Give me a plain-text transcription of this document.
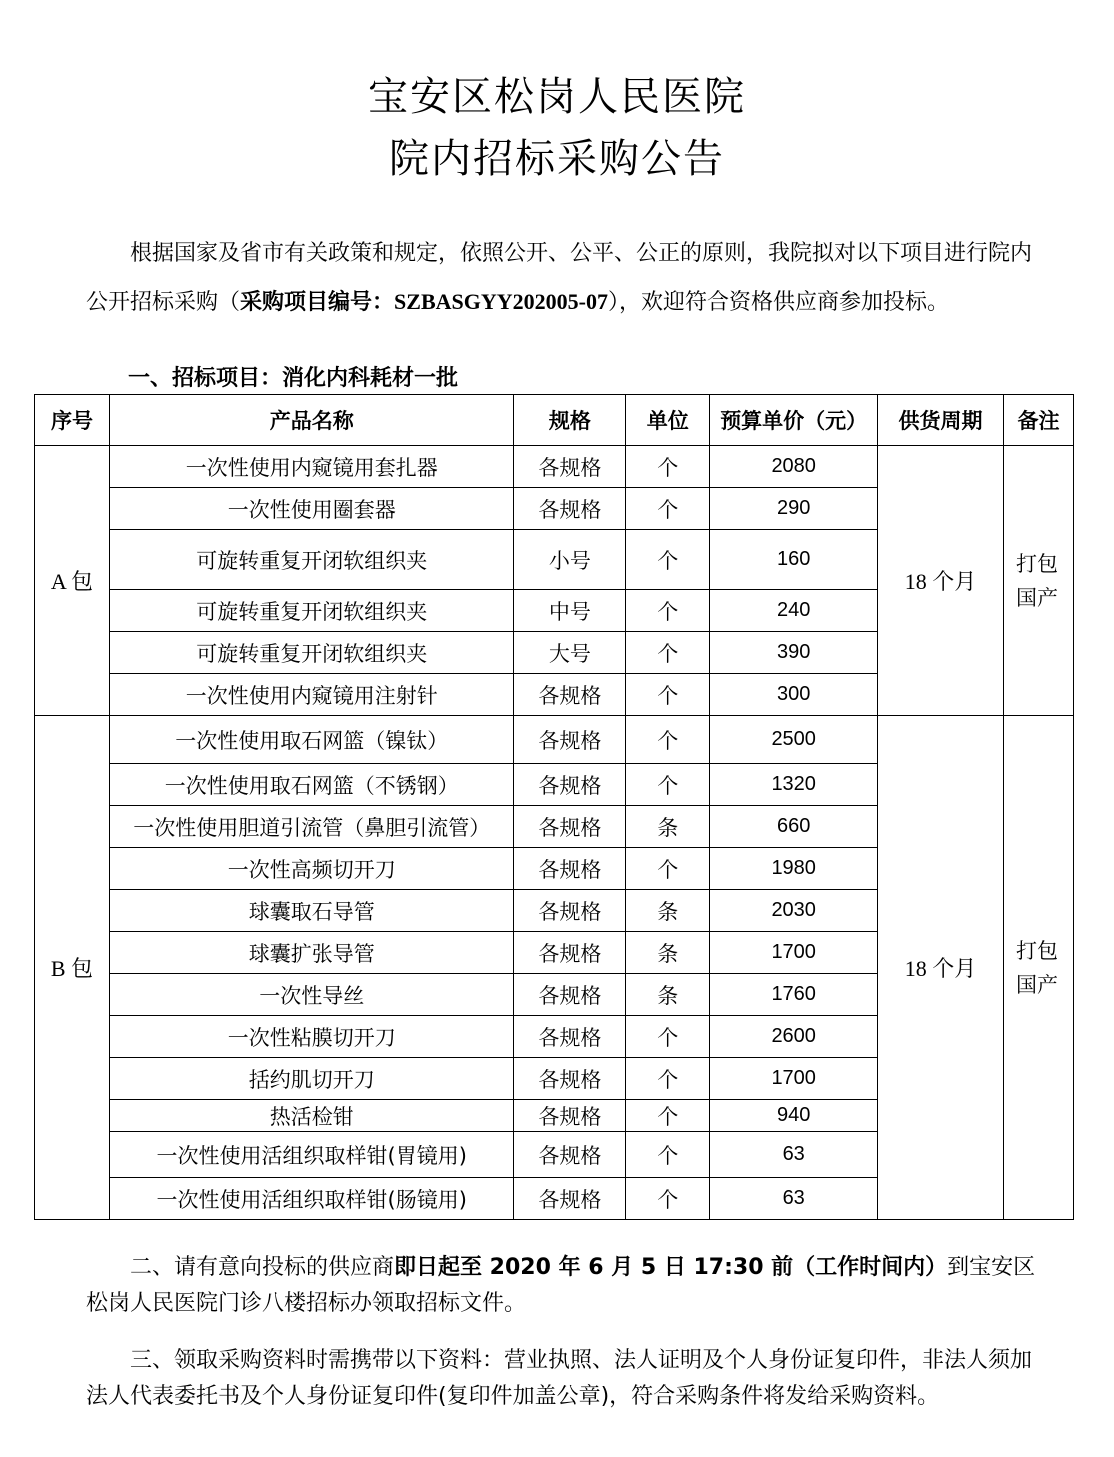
宝安区松岗人民医院
院内招标采购公告
根据国家及省市有关政策和规定，依照公开、公平、公正的原则，我院拟对以下项目进行院内公开招标采购（采购项目编号：SZBASGYY202005-07），欢迎符合资格供应商参加投标。
一、招标项目：消化内科耗材一批
序号	产品名称	规格	单位	预算单价（元）	供货周期	备注
A 包	一次性使用内窥镜用套扎器	各规格	个	2080	18 个月	打包
国产
	一次性使用圈套器	各规格	个	290		
	可旋转重复开闭软组织夹	小号	个	160		
	可旋转重复开闭软组织夹	中号	个	240		
	可旋转重复开闭软组织夹	大号	个	390		
	一次性使用内窥镜用注射针	各规格	个	300		
B 包	一次性使用取石网篮（镍钛）	各规格	个	2500	18 个月	打包
国产
	一次性使用取石网篮（不锈钢）	各规格	个	1320		
	一次性使用胆道引流管（鼻胆引流管）	各规格	条	660		
	一次性高频切开刀	各规格	个	1980		
	球囊取石导管	各规格	条	2030		
	球囊扩张导管	各规格	条	1700		
	一次性导丝	各规格	条	1760		
	一次性粘膜切开刀	各规格	个	2600		
	括约肌切开刀	各规格	个	1700		
	热活检钳	各规格	个	940		
	一次性使用活组织取样钳(胃镜用)	各规格	个	63		
	一次性使用活组织取样钳(肠镜用)	各规格	个	63		
二、请有意向投标的供应商即日起至 2020 年 6 月 5 日 17:30 前（工作时间内）到宝安区松岗人民医院门诊八楼招标办领取招标文件。
三、领取采购资料时需携带以下资料：营业执照、法人证明及个人身份证复印件，非法人须加法人代表委托书及个人身份证复印件(复印件加盖公章)，符合采购条件将发给采购资料。
